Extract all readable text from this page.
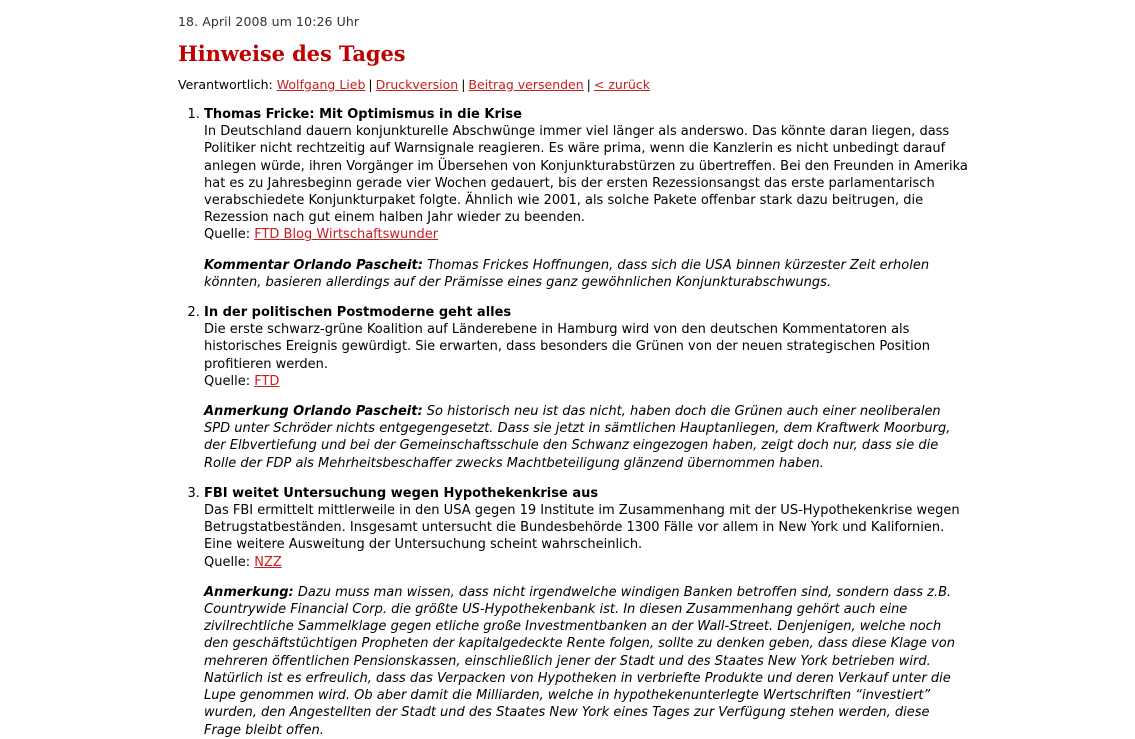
18. April 2008 um 10:26 Uhr
Hinweise des Tages
Verantwortlich: Wolfgang Lieb | Druckversion | Beitrag versenden | < zurück
1. Thomas Fricke: Mit Optimismus in die Krise
In Deutschland dauern konjunkturelle Abschwünge immer viel länger als anderswo. Das könnte daran liegen, dass Politiker nicht rechtzeitig auf Warnsignale reagieren. Es wäre prima, wenn die Kanzlerin es nicht unbedingt darauf anlegen würde, ihren Vorgänger im Übersehen von Konjunkturabstürzen zu übertreffen. Bei den Freunden in Amerika hat es zu Jahresbeginn gerade vier Wochen gedauert, bis der ersten Rezessionsangst das erste parlamentarisch verabschiedete Konjunkturpaket folgte. Ähnlich wie 2001, als solche Pakete offenbar stark dazu beitrugen, die Rezession nach gut einem halben Jahr wieder zu beenden.
Quelle: FTD Blog Wirtschaftswunder
Kommentar Orlando Pascheit: Thomas Frickes Hoffnungen, dass sich die USA binnen kürzester Zeit erholen könnten, basieren allerdings auf der Prämisse eines ganz gewöhnlichen Konjunkturabschwungs.
2. In der politischen Postmoderne geht alles
Die erste schwarz-grüne Koalition auf Länderebene in Hamburg wird von den deutschen Kommentatoren als historisches Ereignis gewürdigt. Sie erwarten, dass besonders die Grünen von der neuen strategischen Position profitieren werden.
Quelle: FTD
Anmerkung Orlando Pascheit: So historisch neu ist das nicht, haben doch die Grünen auch einer neoliberalen SPD unter Schröder nichts entgegengesetzt. Dass sie jetzt in sämtlichen Hauptanliegen, dem Kraftwerk Moorburg, der Elbvertiefung und bei der Gemeinschaftsschule den Schwanz eingezogen haben, zeigt doch nur, dass sie die Rolle der FDP als Mehrheitsbeschaffer zwecks Machtbeteiligung glänzend übernommen haben.
3. FBI weitet Untersuchung wegen Hypothekenkrise aus
Das FBI ermittelt mittlerweile in den USA gegen 19 Institute im Zusammenhang mit der US-Hypothekenkrise wegen Betrugstatbeständen. Insgesamt untersucht die Bundesbehörde 1300 Fälle vor allem in New York und Kalifornien. Eine weitere Ausweitung der Untersuchung scheint wahrscheinlich.
Quelle: NZZ
Anmerkung: Dazu muss man wissen, dass nicht irgendwelche windigen Banken betroffen sind, sondern dass z.B. Countrywide Financial Corp. die größte US-Hypothekenbank ist. In diesen Zusammenhang gehört auch eine zivilrechtliche Sammelklage gegen etliche große Investmentbanken an der Wall-Street. Denjenigen, welche noch den geschäftstüchtigen Propheten der kapitalgedeckte Rente folgen, sollte zu denken geben, dass diese Klage von mehreren öffentlichen Pensionskassen, einschließlich jener der Stadt und des Staates New York betrieben wird. Natürlich ist es erfreulich, dass das Verpacken von Hypotheken in verbriefte Produkte und deren Verkauf unter die Lupe genommen wird. Ob aber damit die Milliarden, welche in hypothekenunterlegte Wertschriften “investiert” wurden, den Angestellten der Stadt und des Staates New York eines Tages zur Verfügung stehen werden, diese Frage bleibt offen.
